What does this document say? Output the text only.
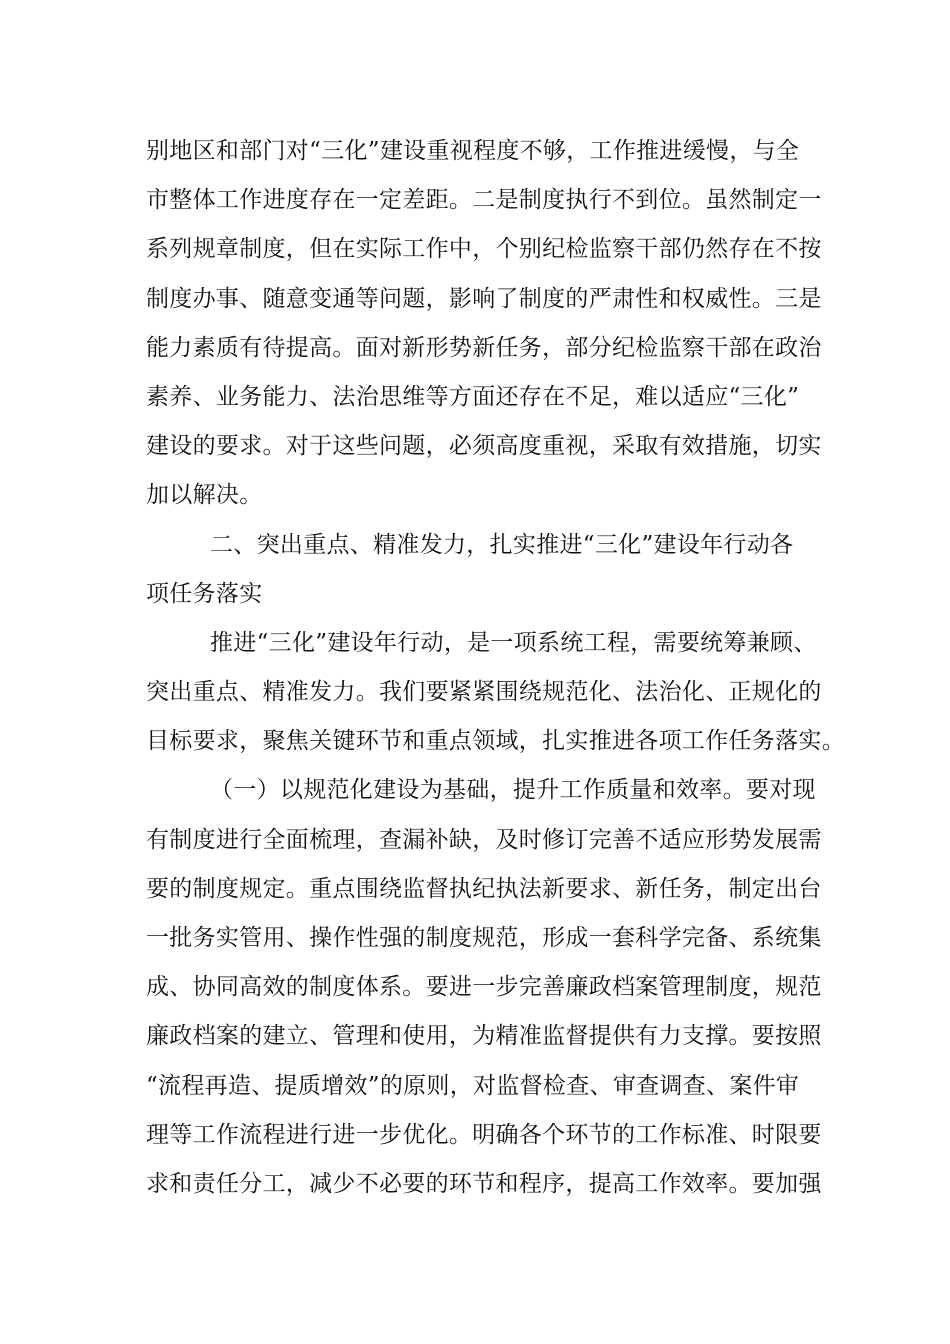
别地区和部门对“三化”建设重视程度不够，工作推进缓慢，与全
市整体工作进度存在一定差距。二是制度执行不到位。虽然制定一
系列规章制度，但在实际工作中，个别纪检监察干部仍然存在不按
制度办事、随意变通等问题，影响了制度的严肃性和权威性。三是
能力素质有待提高。面对新形势新任务，部分纪检监察干部在政治
素养、业务能力、法治思维等方面还存在不足，难以适应“三化”
建设的要求。对于这些问题，必须高度重视，采取有效措施，切实
加以解决。
二、突出重点、精准发力，扎实推进“三化”建设年行动各
项任务落实
推进“三化”建设年行动，是一项系统工程，需要统筹兼顾、
突出重点、精准发力。我们要紧紧围绕规范化、法治化、正规化的
目标要求，聚焦关键环节和重点领域，扎实推进各项工作任务落实。
（一）以规范化建设为基础，提升工作质量和效率。要对现
有制度进行全面梳理，查漏补缺，及时修订完善不适应形势发展需
要的制度规定。重点围绕监督执纪执法新要求、新任务，制定出台
一批务实管用、操作性强的制度规范，形成一套科学完备、系统集
成、协同高效的制度体系。要进一步完善廉政档案管理制度，规范
廉政档案的建立、管理和使用，为精准监督提供有力支撑。要按照
“流程再造、提质增效”的原则，对监督检查、审查调查、案件审
理等工作流程进行进一步优化。明确各个环节的工作标准、时限要
求和责任分工，减少不必要的环节和程序，提高工作效率。要加强
